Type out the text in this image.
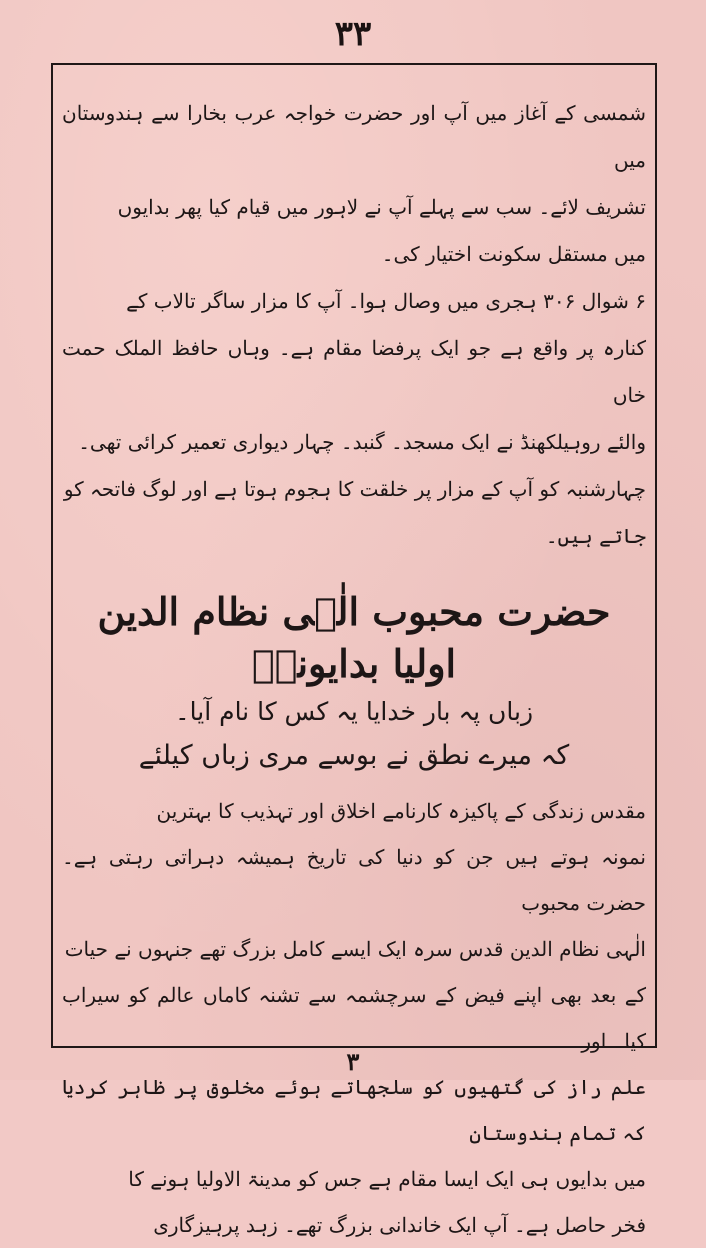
۳۳

شمسی کے آغاز میں آپ اور حضرت خواجہ عرب بخارا سے ہندوستان میں

تشریف لائے۔ سب سے پہلے آپ نے لاہور میں قیام کیا پھر بدایوں

میں مستقل سکونت اختیار کی۔

۶ شوال ۳۰۶ ہجری میں وصال ہوا۔ آپ کا مزار ساگر تالاب کے

کنارہ پر واقع ہے جو ایک پرفضا مقام ہے۔ وہاں حافظ الملک حمت خاں

والئے روہیلکھنڈ نے ایک مسجد۔ گنبد۔ چہار دیواری تعمیر کرائی تھی۔

چہارشنبہ کو آپ کے مزار پر خلقت کا ہجوم ہوتا ہے اور لوگ فاتحہ کو

جاتے ہیں۔

حضرت محبوب الٰہی نظام الدین اولیا بدایونیؒ
زباں پہ بار خدایا یہ کس کا نام آیا۔
کہ میرے نطق نے بوسے مری زباں کیلئے

مقدس زندگی کے پاکیزہ کارنامے اخلاق اور تہذیب کا بہترین

نمونہ ہوتے ہیں جن کو دنیا کی تاریخ ہمیشہ دہراتی رہتی ہے۔ حضرت محبوب

الٰہی نظام الدین قدس سرہ ایک ایسے کامل بزرگ تھے جنہوں نے حیات

کے بعد بھی اپنے فیض کے سرچشمہ سے تشنہ کاماں عالم کو سیراب کیا۔ اور

علم راز کی گتھیوں کو سلجھاتے ہوئے مخلوق پر ظاہر کردیا کہ تمام ہندوستان

میں بدایوں ہی ایک ایسا مقام ہے جس کو مدینۃ الاولیا ہونے کا

فخر حاصل ہے۔ آپ ایک خاندانی بزرگ تھے۔ زہد پرہیزگاری

۳
